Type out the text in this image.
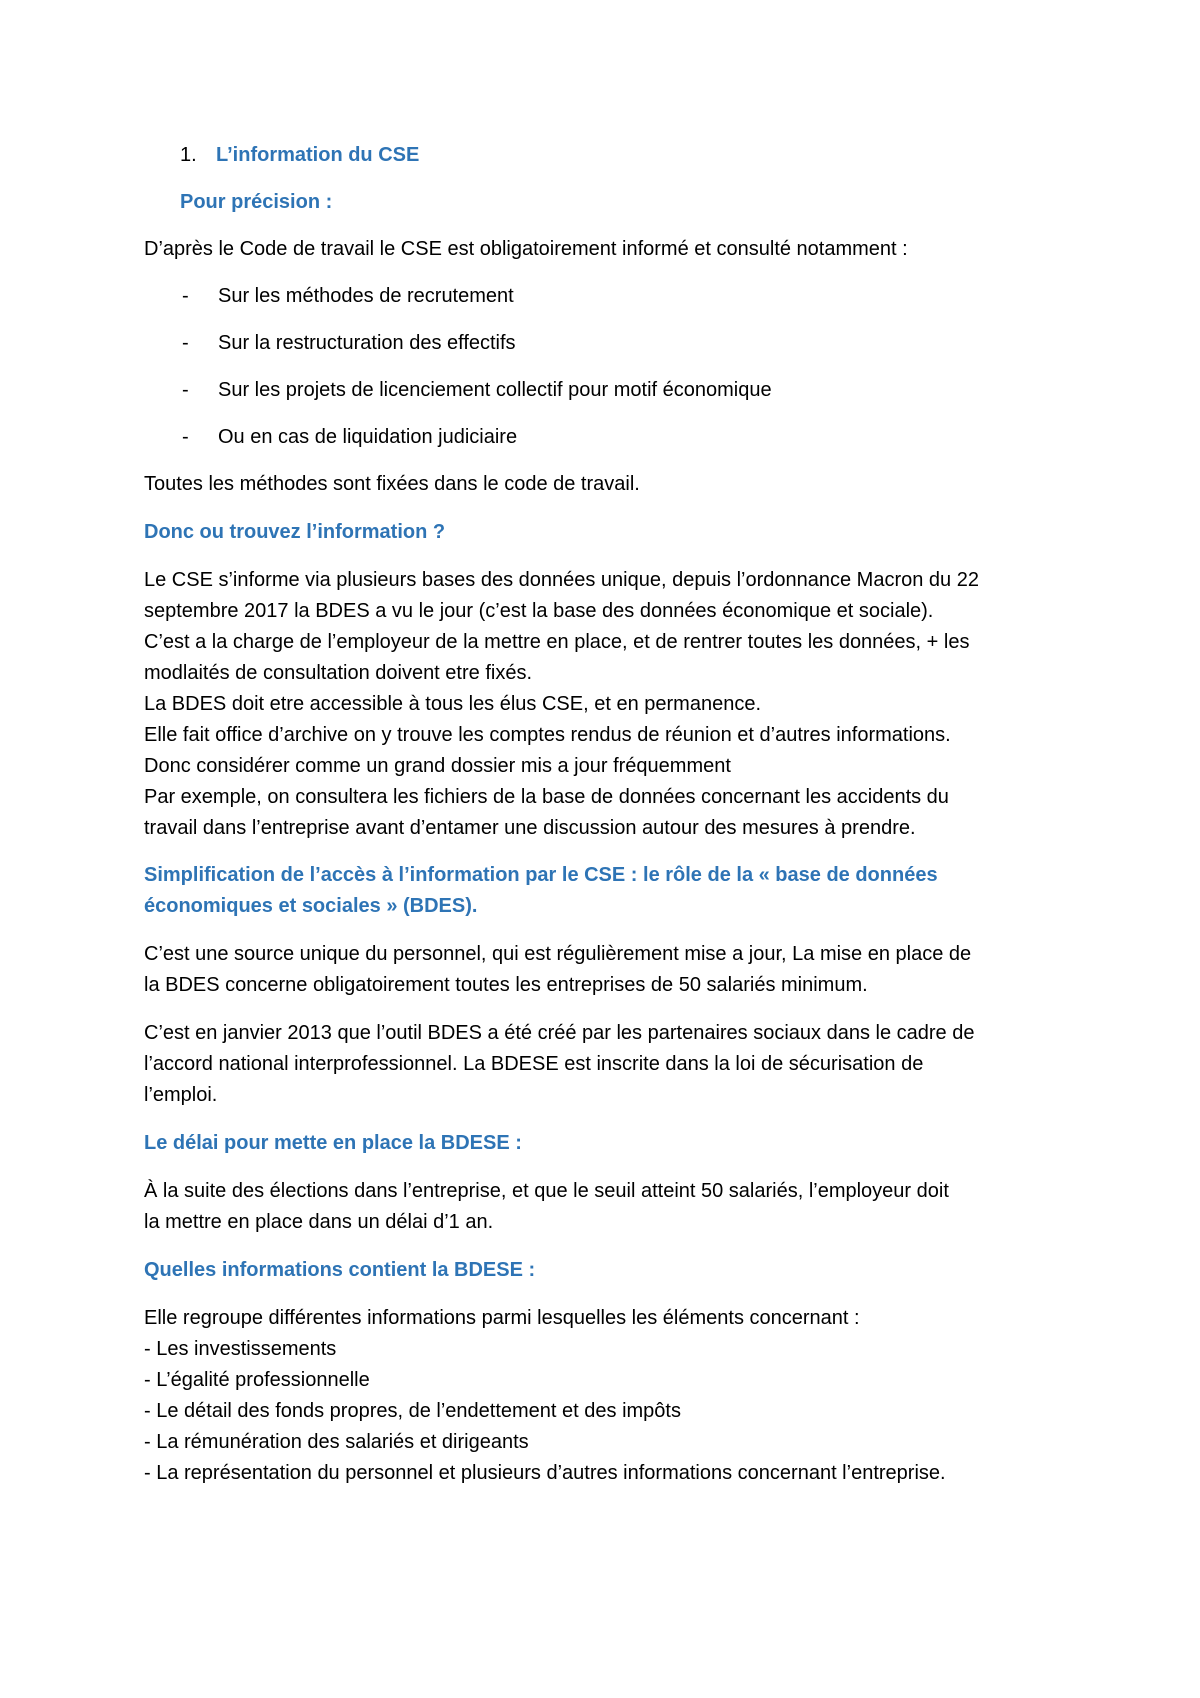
1. L’information du CSE
Pour précision :
D’après le Code de travail le CSE est obligatoirement informé et consulté notamment :
-	Sur les méthodes de recrutement
-	Sur la restructuration des effectifs
-	Sur les projets de licenciement collectif pour motif économique
-	Ou en cas de liquidation judiciaire
Toutes les méthodes sont fixées dans le code de travail.
Donc ou trouvez l’information ?
Le CSE s’informe via plusieurs bases des données unique, depuis l’ordonnance Macron du 22
septembre 2017 la BDES a vu le jour (c’est la base des données économique et sociale).
C’est a la charge de l’employeur de la mettre en place, et de rentrer toutes les données, + les
modlaités de consultation doivent etre fixés.
La BDES doit etre accessible à tous les élus CSE, et en permanence.
Elle fait office d’archive on y trouve les comptes rendus de réunion et d’autres informations.
Donc considérer comme un grand dossier mis a jour fréquemment
Par exemple, on consultera les fichiers de la base de données concernant les accidents du
travail dans l’entreprise avant d’entamer une discussion autour des mesures à prendre.
Simplification de l’accès à l’information par le CSE : le rôle de la « base de données
économiques et sociales » (BDES).
C’est une source unique du personnel, qui est régulièrement mise a jour, La mise en place de
la BDES concerne obligatoirement toutes les entreprises de 50 salariés minimum.
C’est en janvier 2013 que l’outil BDES a été créé par les partenaires sociaux dans le cadre de
l’accord national interprofessionnel. La BDESE est inscrite dans la loi de sécurisation de
l’emploi.
Le délai pour mette en place la BDESE :
À la suite des élections dans l’entreprise, et que le seuil atteint 50 salariés, l’employeur doit
la mettre en place dans un délai d’1 an.
Quelles informations contient la BDESE :
Elle regroupe différentes informations parmi lesquelles les éléments concernant :
- Les investissements
- L’égalité professionnelle
- Le détail des fonds propres, de l’endettement et des impôts
- La rémunération des salariés et dirigeants
- La représentation du personnel et plusieurs d’autres informations concernant l’entreprise.
